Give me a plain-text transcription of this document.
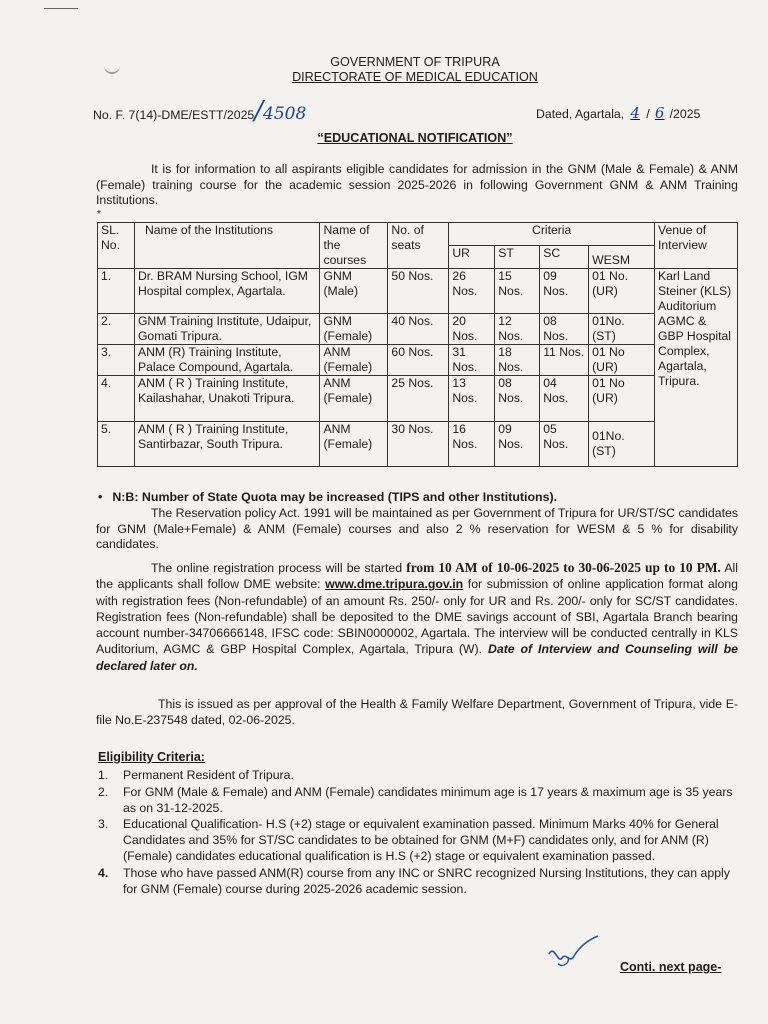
GOVERNMENT OF TRIPURA
DIRECTORATE OF MEDICAL EDUCATION
No. F. 7(14)-DME/ESTT/2025/4508	Dated, Agartala, 4 / 6 /2025
“EDUCATIONAL NOTIFICATION”
It is for information to all aspirants eligible candidates for admission in the GNM (Male & Female) & ANM (Female) training course for the academic session 2025-2026 in following Government GNM & ANM Training Institutions.
*
SL. No.	Name of the Institutions	Name of the courses	No. of seats	Criteria				Venue of Interview
				UR	ST	SC	WESM	
1.	Dr. BRAM Nursing School, IGM Hospital complex, Agartala.	GNM (Male)	50 Nos.	26 Nos.	15 Nos.	09 Nos.	01 No. (UR)	Karl Land Steiner (KLS) Auditorium AGMC & GBP Hospital Complex, Agartala, Tripura.
2.	GNM Training Institute, Udaipur, Gomati Tripura.	GNM (Female)	40 Nos.	20 Nos.	12 Nos.	08 Nos.	01No. (ST)	
3.	ANM (R) Training Institute, Palace Compound, Agartala.	ANM (Female)	60 Nos.	31 Nos.	18 Nos.	11 Nos.	01 No (UR)	
4.	ANM ( R ) Training Institute, Kailashahar, Unakoti Tripura.	ANM (Female)	25 Nos.	13 Nos.	08 Nos.	04 Nos.	01 No (UR)	
5.	ANM ( R ) Training Institute, Santirbazar, South Tripura.	ANM (Female)	30 Nos.	16 Nos.	09 Nos.	05 Nos.	01No. (ST)	
• N:B: Number of State Quota may be increased (TIPS and other Institutions).
The Reservation policy Act. 1991 will be maintained as per Government of Tripura for UR/ST/SC candidates for GNM (Male+Female) & ANM (Female) courses and also 2 % reservation for WESM & 5 % for disability candidates.
The online registration process will be started from 10 AM of 10-06-2025 to 30-06-2025 up to 10 PM. All the applicants shall follow DME website: www.dme.tripura.gov.in for submission of online application format along with registration fees (Non-refundable) of an amount Rs. 250/- only for UR and Rs. 200/- only for SC/ST candidates. Registration fees (Non-refundable) shall be deposited to the DME savings account of SBI, Agartala Branch bearing account number-34706666148, IFSC code: SBIN0000002, Agartala. The interview will be conducted centrally in KLS Auditorium, AGMC & GBP Hospital Complex, Agartala, Tripura (W). Date of Interview and Counseling will be declared later on.
This is issued as per approval of the Health & Family Welfare Department, Government of Tripura, vide E-file No.E-237548 dated, 02-06-2025.
Eligibility Criteria:
1. Permanent Resident of Tripura.
2. For GNM (Male & Female) and ANM (Female) candidates minimum age is 17 years & maximum age is 35 years as on 31-12-2025.
3. Educational Qualification- H.S (+2) stage or equivalent examination passed. Minimum Marks 40% for General Candidates and 35% for ST/SC candidates to be obtained for GNM (M+F) candidates only, and for ANM (R) (Female) candidates educational qualification is H.S (+2) stage or equivalent examination passed.
4. Those who have passed ANM(R) course from any INC or SNRC recognized Nursing Institutions, they can apply for GNM (Female) course during 2025-2026 academic session.
Conti. next page-
